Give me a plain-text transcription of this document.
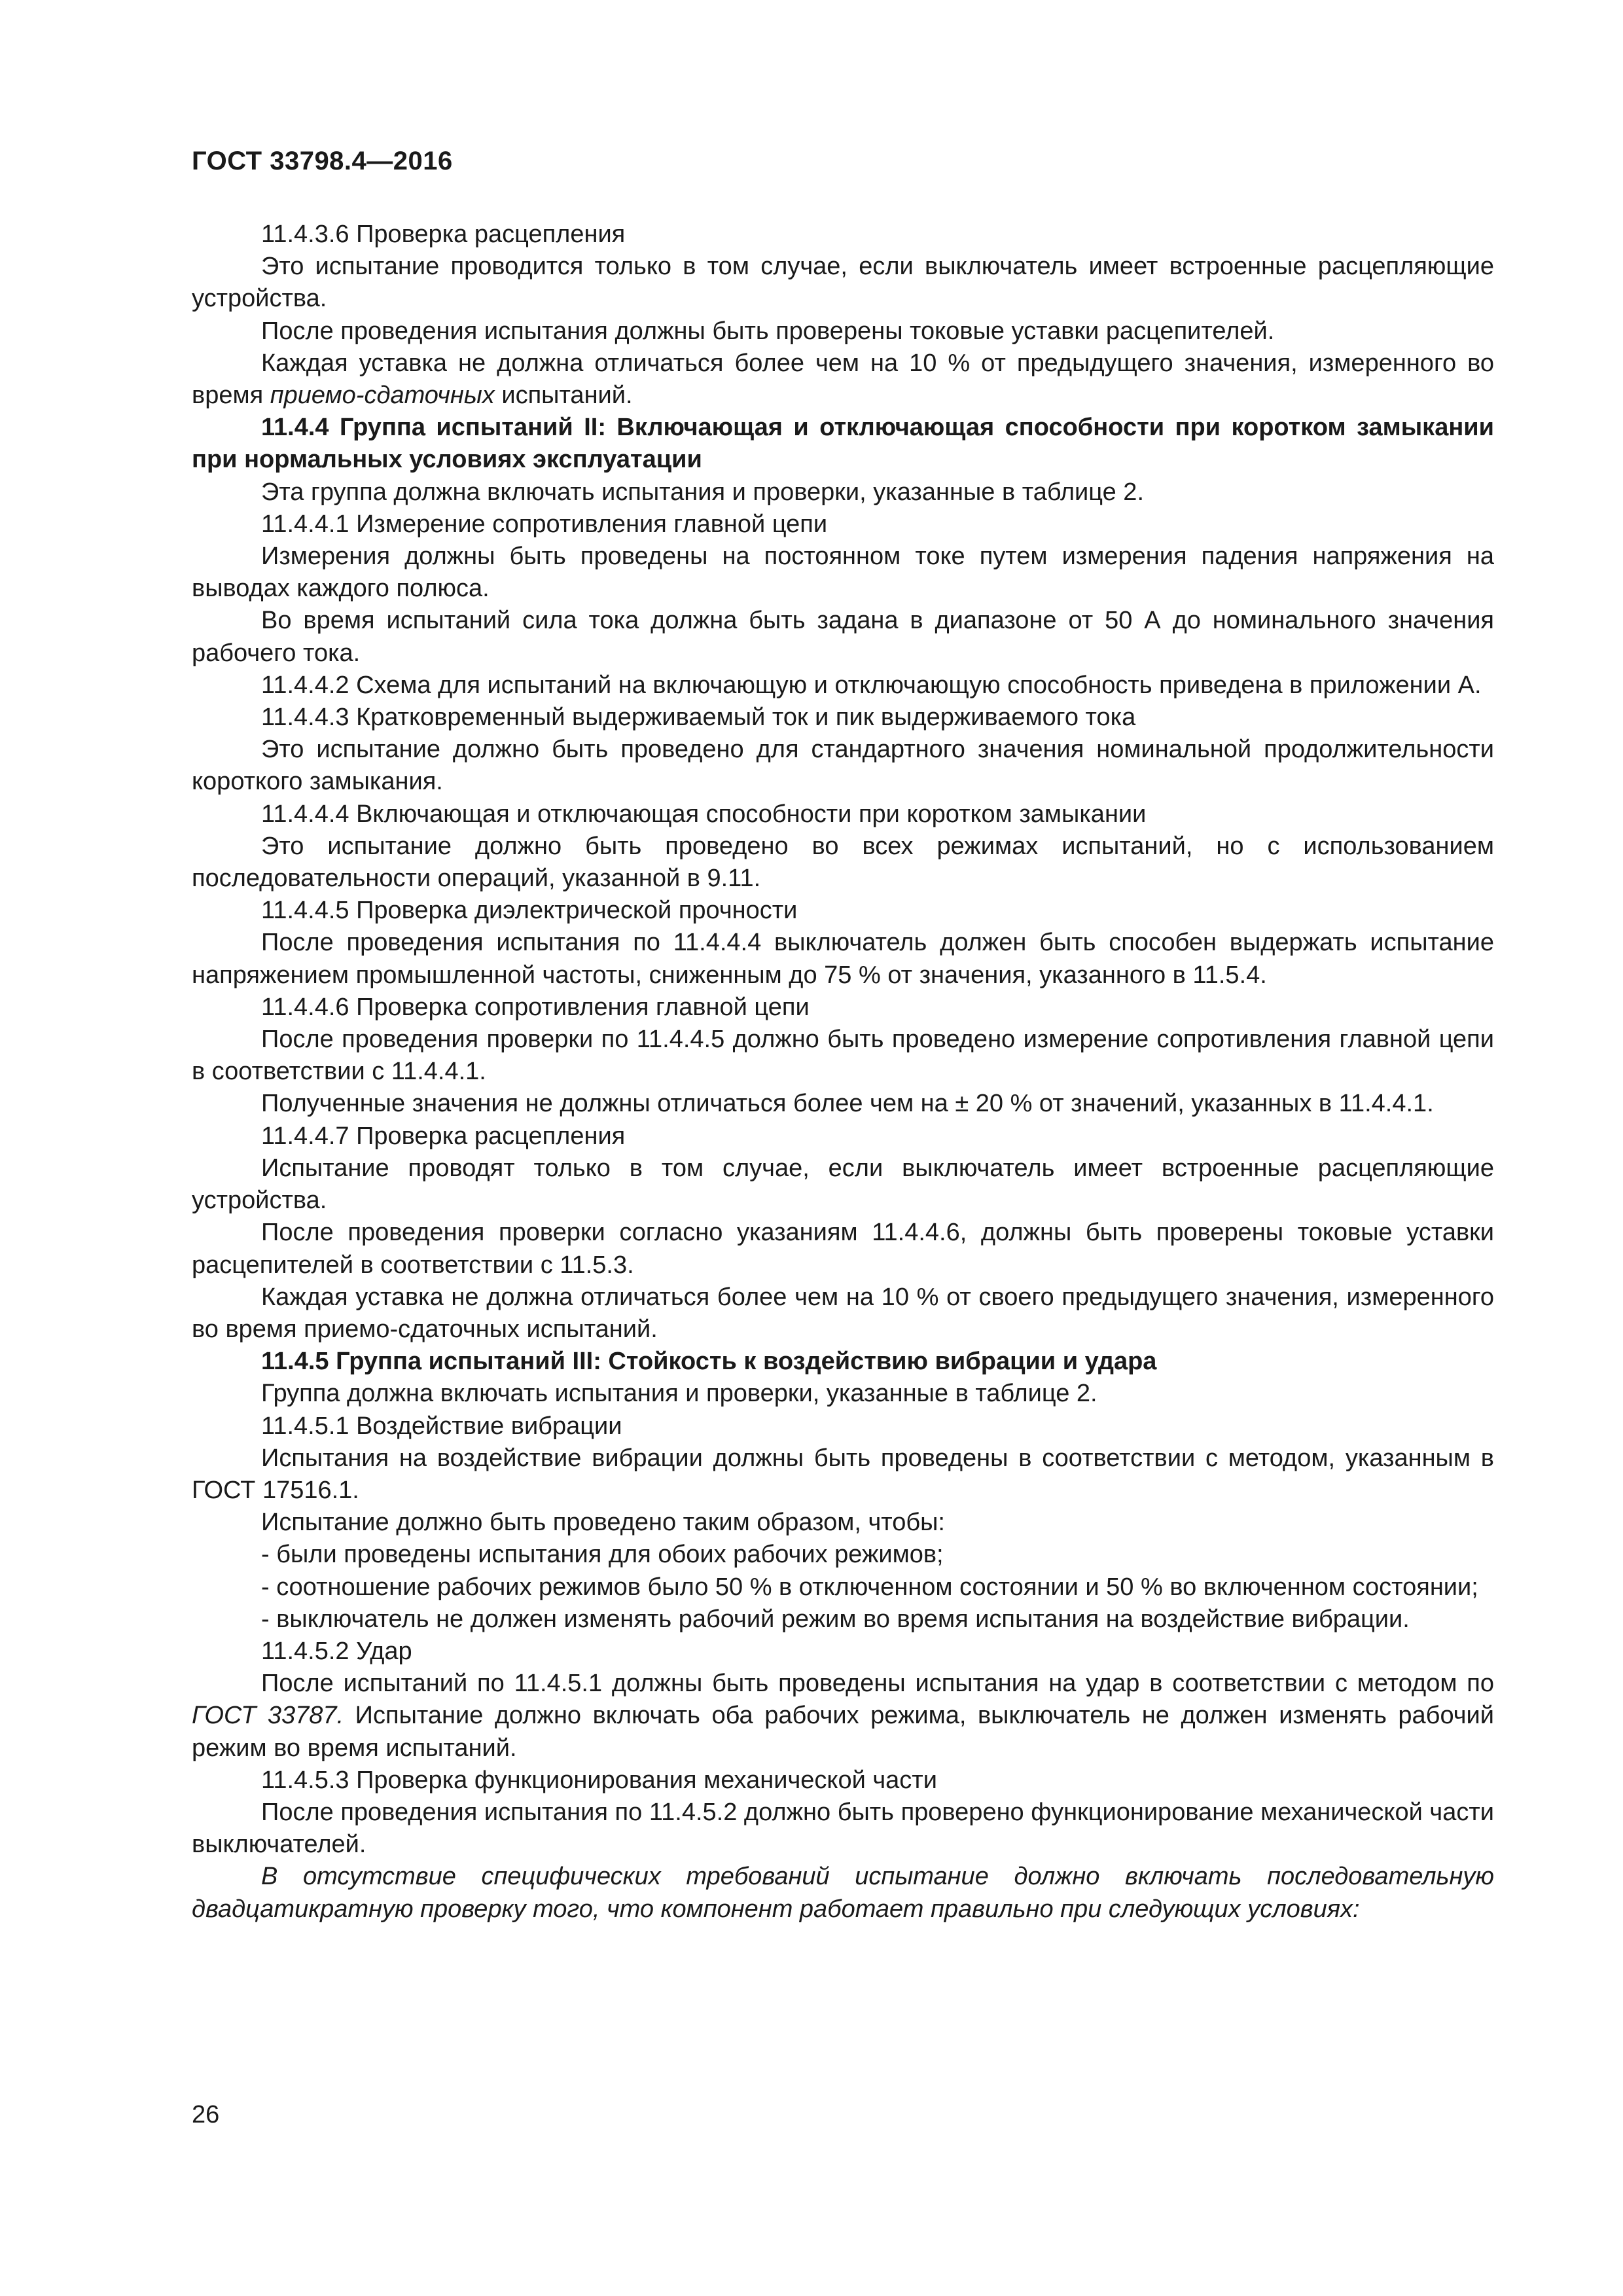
ГОСТ 33798.4—2016

11.4.3.6 Проверка расцепления

Это испытание проводится только в том случае, если выключатель имеет встроенные расцепляющие устройства.

После проведения испытания должны быть проверены токовые уставки расцепителей.

Каждая уставка не должна отличаться более чем на 10 % от предыдущего значения, измеренного во время приемо-сдаточных испытаний.

11.4.4 Группа испытаний II: Включающая и отключающая способности при коротком замыкании при нормальных условиях эксплуатации

Эта группа должна включать испытания и проверки, указанные в таблице 2.

11.4.4.1 Измерение сопротивления главной цепи

Измерения должны быть проведены на постоянном токе путем измерения падения напряжения на выводах каждого полюса.

Во время испытаний сила тока должна быть задана в диапазоне от 50 А до номинального значения рабочего тока.

11.4.4.2 Схема для испытаний на включающую и отключающую способность приведена в приложении А.

11.4.4.3 Кратковременный выдерживаемый ток и пик выдерживаемого тока

Это испытание должно быть проведено для стандартного значения номинальной продолжительности короткого замыкания.

11.4.4.4 Включающая и отключающая способности при коротком замыкании

Это испытание должно быть проведено во всех режимах испытаний, но с использованием последовательности операций, указанной в 9.11.

11.4.4.5 Проверка диэлектрической прочности

После проведения испытания по 11.4.4.4 выключатель должен быть способен выдержать испытание напряжением промышленной частоты, сниженным до 75 % от значения, указанного в 11.5.4.

11.4.4.6 Проверка сопротивления главной цепи

После проведения проверки по 11.4.4.5 должно быть проведено измерение сопротивления главной цепи в соответствии с 11.4.4.1.

Полученные значения не должны отличаться более чем на ± 20 % от значений, указанных в 11.4.4.1.

11.4.4.7 Проверка расцепления

Испытание проводят только в том случае, если выключатель имеет встроенные расцепляющие устройства.

После проведения проверки согласно указаниям 11.4.4.6, должны быть проверены токовые уставки расцепителей в соответствии с 11.5.3.

Каждая уставка не должна отличаться более чем на 10 % от своего предыдущего значения, измеренного во время приемо-сдаточных испытаний.

11.4.5 Группа испытаний III: Стойкость к воздействию вибрации и удара

Группа должна включать испытания и проверки, указанные в таблице 2.

11.4.5.1 Воздействие вибрации

Испытания на воздействие вибрации должны быть проведены в соответствии с методом, указанным в ГОСТ 17516.1.

Испытание должно быть проведено таким образом, чтобы:

- были проведены испытания для обоих рабочих режимов;

- соотношение рабочих режимов было 50 % в отключенном состоянии и 50 % во включенном состоянии;

- выключатель не должен изменять рабочий режим во время испытания на воздействие вибрации.

11.4.5.2 Удар

После испытаний по 11.4.5.1 должны быть проведены испытания на удар в соответствии с методом по ГОСТ 33787. Испытание должно включать оба рабочих режима, выключатель не должен изменять рабочий режим во время испытаний.

11.4.5.3 Проверка функционирования механической части

После проведения испытания по 11.4.5.2 должно быть проверено функционирование механической части выключателей.

В отсутствие специфических требований испытание должно включать последовательную двадцатикратную проверку того, что компонент работает правильно при следующих условиях:

26
